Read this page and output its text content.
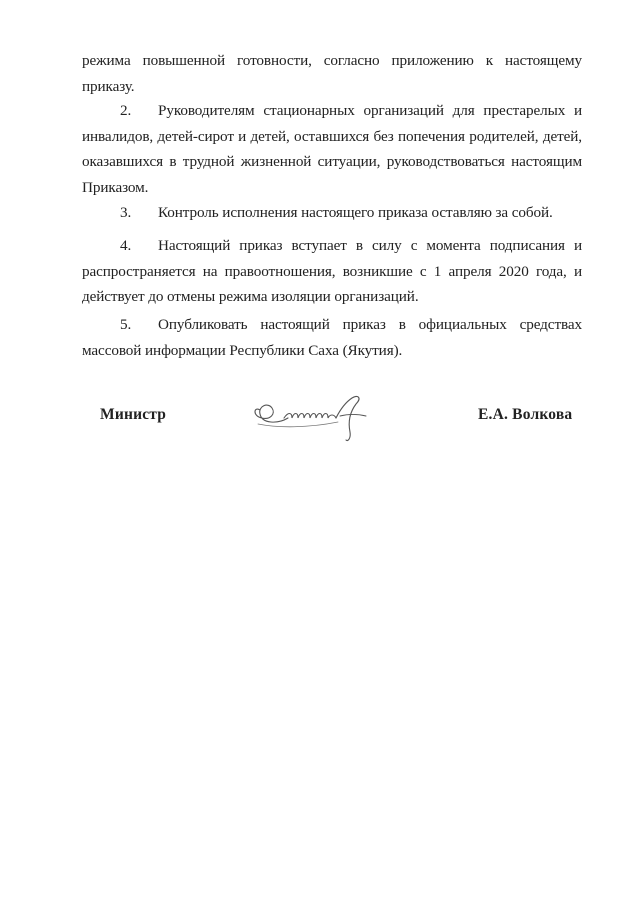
режима повышенной готовности, согласно приложению к настоящему приказу.
2. Руководителям стационарных организаций для престарелых и инвалидов, детей-сирот и детей, оставшихся без попечения родителей, детей, оказавшихся в трудной жизненной ситуации, руководствоваться настоящим Приказом.
3. Контроль исполнения настоящего приказа оставляю за собой.
4. Настоящий приказ вступает в силу с момента подписания и распространяется на правоотношения, возникшие с 1 апреля 2020 года, и действует до отмены режима изоляции организаций.
5. Опубликовать настоящий приказ в официальных средствах массовой информации Республики Саха (Якутия).
Министр	Е.А. Волкова
